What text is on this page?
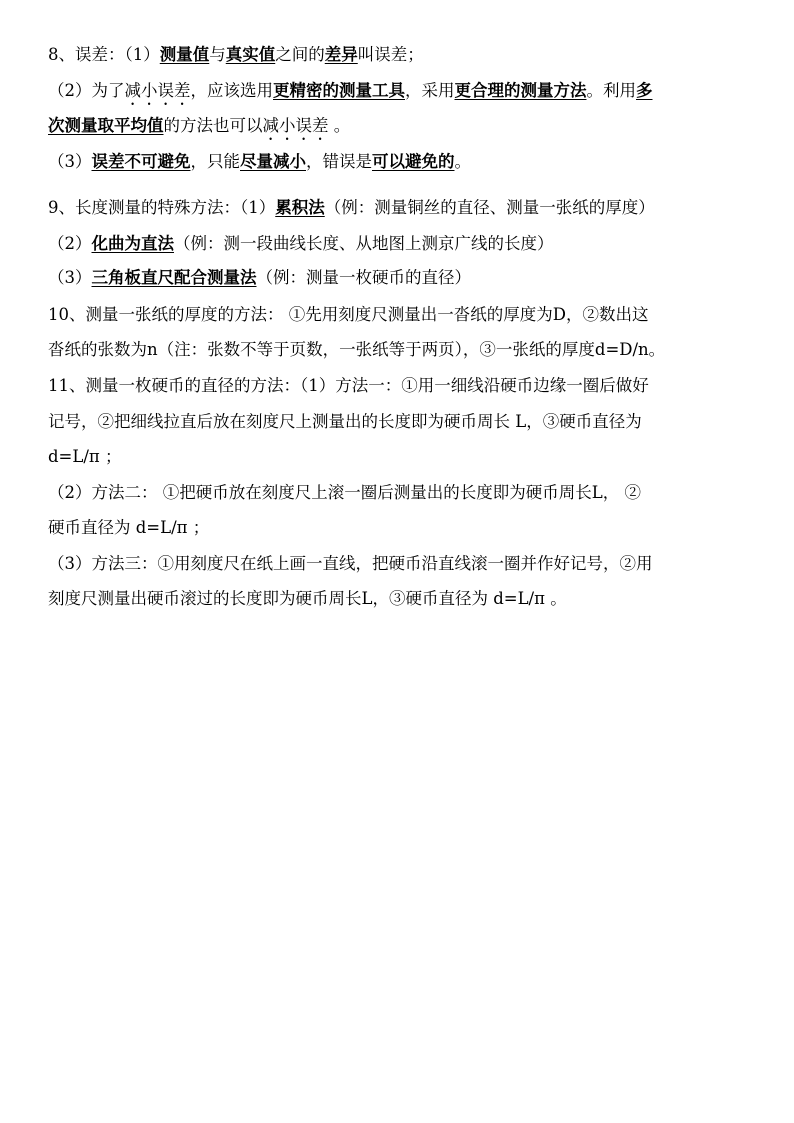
8、误差：（1）测量值与真实值之间的差异叫误差；
（2）为了减小误差，应该选用更精密的测量工具，采用更合理的测量方法。利用多
次测量取平均值的方法也可以减小误差 。
（3）误差不可避免，只能尽量减小，错误是可以避免的。
9、长度测量的特殊方法：（1）累积法（例：测量铜丝的直径、测量一张纸的厚度）
（2）化曲为直法（例：测一段曲线长度、从地图上测京广线的长度）
（3）三角板直尺配合测量法（例：测量一枚硬币的直径）
10、测量一张纸的厚度的方法： ①先用刻度尺测量出一沓纸的厚度为D，②数出这
沓纸的张数为n（注：张数不等于页数，一张纸等于两页），③一张纸的厚度d=D/n。
11、测量一枚硬币的直径的方法：（1）方法一：①用一细线沿硬币边缘一圈后做好
记号，②把细线拉直后放在刻度尺上测量出的长度即为硬币周长 L，③硬币直径为
d=L/π ；
（2）方法二： ①把硬币放在刻度尺上滚一圈后测量出的长度即为硬币周长L， ②
硬币直径为 d=L/π ；
（3）方法三：①用刻度尺在纸上画一直线，把硬币沿直线滚一圈并作好记号，②用
刻度尺测量出硬币滚过的长度即为硬币周长L，③硬币直径为 d=L/π 。
